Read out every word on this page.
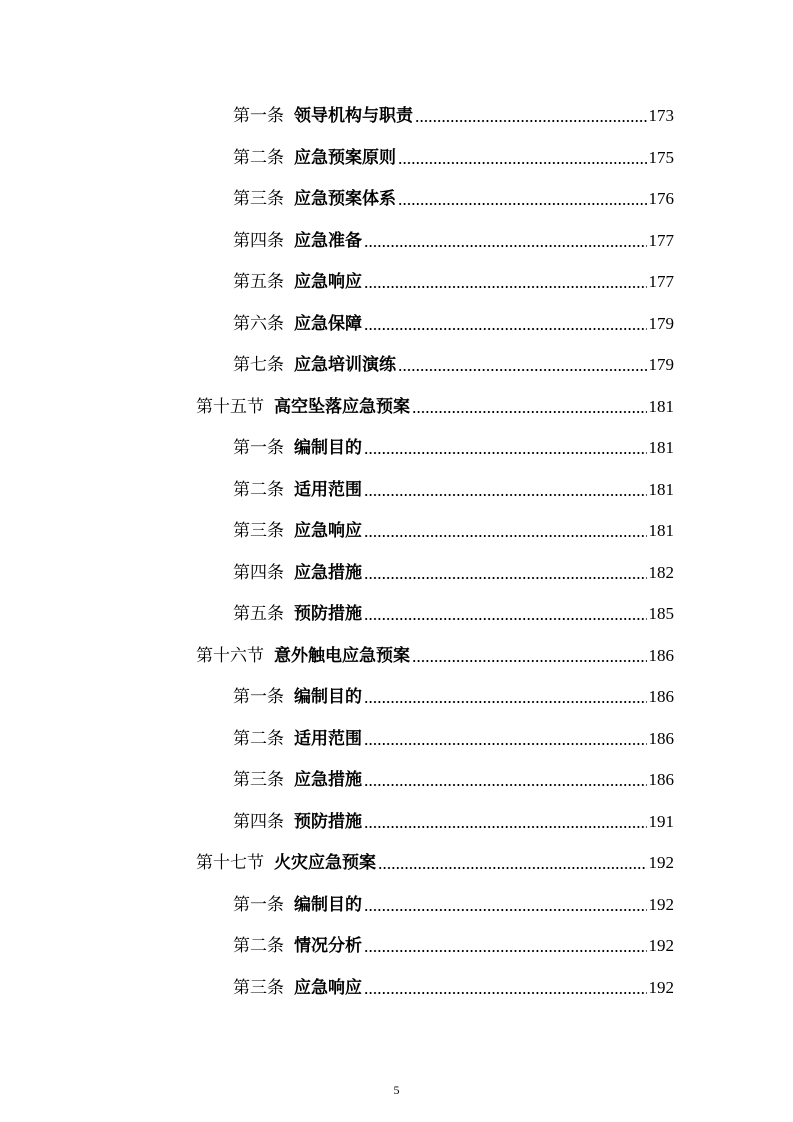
第一条 领导机构与职责	173
第二条 应急预案原则	175
第三条 应急预案体系	176
第四条 应急准备	177
第五条 应急响应	177
第六条 应急保障	179
第七条 应急培训演练	179
第十五节 高空坠落应急预案	181
第一条 编制目的	181
第二条 适用范围	181
第三条 应急响应	181
第四条 应急措施	182
第五条 预防措施	185
第十六节 意外触电应急预案	186
第一条 编制目的	186
第二条 适用范围	186
第三条 应急措施	186
第四条 预防措施	191
第十七节 火灾应急预案	192
第一条 编制目的	192
第二条 情况分析	192
第三条 应急响应	192
5
